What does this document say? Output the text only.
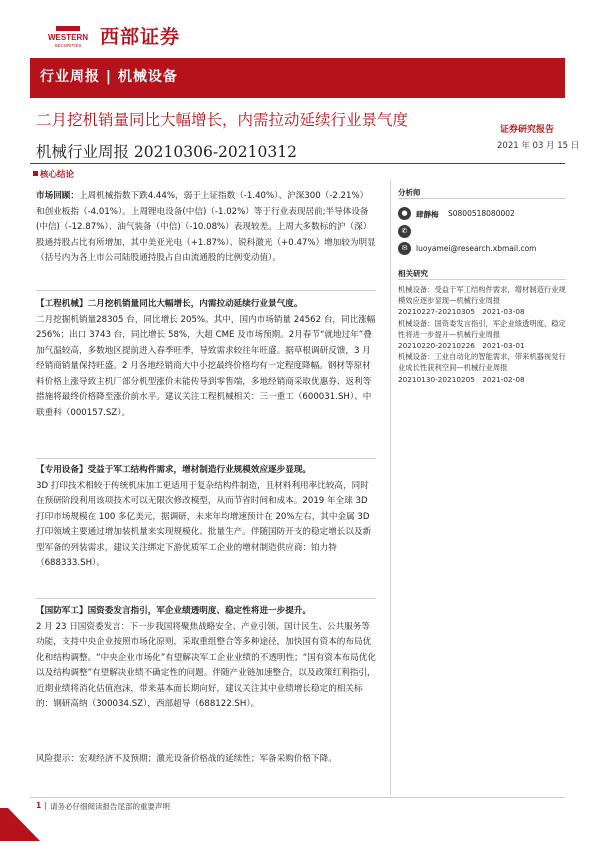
WESTERN
SECURITIES 西部证券
行业周报 | 机械设备
二月挖机销量同比大幅增长，内需拉动延续行业景气度
证券研究报告
机械行业周报 20210306-20210312	2021 年 03 月 15 日
核心结论
市场回顾：上周机械指数下跌4.44%，弱于上证指数（-1.40%）、沪深300（-2.21%）和创业板指（-4.01%）。上周锂电设备(中信)（-1.02%）等于行业表现居前;半导体设备(中信)（-12.87%）、油气装备（中信)（-10.08%）表现较差。上周大多数标的沪（深）股通持股占比有所增加，其中美亚光电（+1.87%）、锐科激光（+0.47%）增加较为明显（括号内为各上市公司陆股通持股占自由流通股的比例变动值）。
【工程机械】二月挖机销量同比大幅增长，内需拉动延续行业景气度。
二月挖掘机销量28305 台，同比增长 205%。其中，国内市场销量 24562 台，同比涨幅 256%；出口 3743 台，同比增长 58%，大超 CME 及市场预期。2月春节“就地过年”叠加气温较高，多数地区提前进入春季旺季，导致需求较往年旺盛。据草根调研反馈，3 月经销商销量保持旺盛。2 月各地经销商大中小挖最终价格均有一定程度降幅。钢材等原材料价格上涨导致主机厂部分机型涨价未能传导到零售端，多地经销商采取优惠券、返利等措施将最终价格降至涨价前水平。建议关注工程机械相关：三一重工（600031.SH）、中联重科（000157.SZ）。
【专用设备】受益于军工结构件需求，增材制造行业规模效应逐步显现。
3D 打印技术相较于传统机床加工更适用于复杂结构件制造，且材料利用率比较高，同时在预研阶段利用该项技术可以无限次修改模型，从而节省时间和成本。2019 年全球 3D 打印市场规模在 100 多亿美元，据调研，未来年均增速预计在 20%左右，其中金属 3D 打印领域主要通过增加装机量来实现规模化、批量生产。伴随国防开支的稳定增长以及新型军备的列装需求，建议关注绑定下游优质军工企业的增材制造供应商：铂力特（688333.SH）。
【国防军工】国资委发言指引，军企业绩透明度、稳定性将进一步提升。
2 月 23 日国资委发言：下一步我国将聚焦战略安全、产业引领、国计民生、公共服务等功能，支持中央企业按照市场化原则，采取重组整合等多种途径，加快国有资本的布局优化和结构调整。“中央企业市场化”有望解决军工企业业绩的不透明性；“国有资本布局优化以及结构调整”有望解决业绩不确定性的问题。伴随产业链加速整合，以及政策红利指引，近期业绩将消化估值泡沫，带来基本面长期向好，建议关注其中业绩增长稳定的相关标的：钢研高纳（300034.SZ），西部超导（688122.SH）。
风险提示：宏观经济不及预期；激光设备价格战的延续性；军备采购价格下降。
分析师
●	肆靜梅 S0800518080002
✆
✉	luoyamei@research.xbmail.com
相关研究
机械设备：受益于军工结构件需求，增材制造行业规模效应逐步显现—机械行业周报
20210227-20210305　2021-03-08
机械设备：国资委发言指引，军企业绩透明度、稳定性将进一步提升—机械行业周报
20210220-20210226　2021-03-01
机械设备：工业自动化的智能需求，带来机器视觉行业成长性获利空间—机械行业周报
20210130-20210205　2021-02-08
1 | 请务必仔细阅读报告尾部的重要声明
